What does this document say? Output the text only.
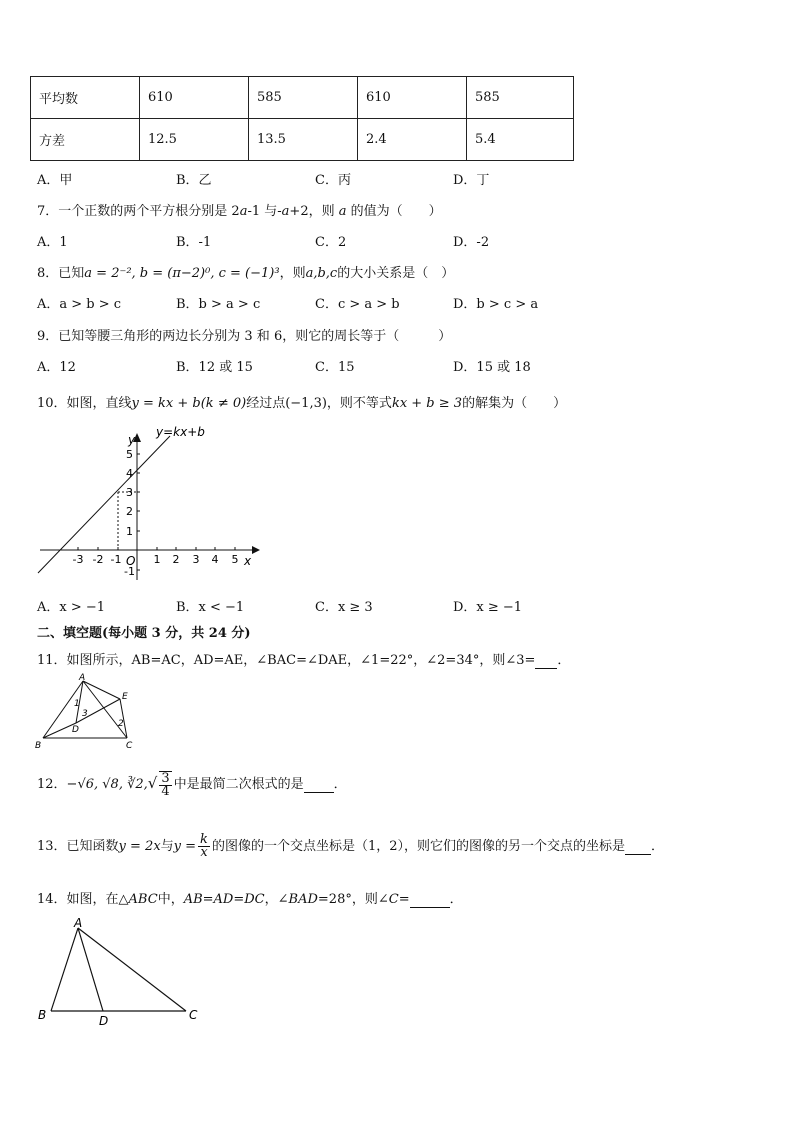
平均数	610	585	610	585
方差	12.5	13.5	2.4	5.4
A．甲	B．乙	C．丙	D．丁
7．一个正数的两个平方根分别是 2a-1 与-a+2，则 a 的值为（　　）
A．1	B．-1	C．2	D．-2
8．已知a = 2⁻², b = (π−2)⁰, c = (−1)³，则a,b,c的大小关系是（　）
A．a > b > c	B．b > a > c	C．c > a > b	D．b > c > a
9．已知等腰三角形的两边长分别为 3 和 6，则它的周长等于（　　　）
A．12	B．12 或 15	C．15	D．15 或 18
10．如图，直线y = kx + b(k ≠ 0)经过点(−1,3)，则不等式kx + b ≥ 3的解集为（　　）
y=kx+b
y
x
O
-3 -2 -1	1 2 3 4 5
5
4
3
2
1
-1
A．x > −1	B．x < −1	C．x ≥ 3	D．x ≥ −1
二、填空题(每小题 3 分，共 24 分)
11．如图所示，AB=AC，AD=AE，∠BAC=∠DAE，∠1=22°，∠2=34°，则∠3= ．
A
B	C
D
E
1
2
3
12．−√6, √8, ∛2,√ $\frac{3}{4}$ 中是最简二次根式的是 ．
13．已知函数y = 2x与$y = \frac{k}{x}$ 的图像的一个交点坐标是（1，2），则它们的图像的另一个交点的坐标是 ．
14．如图，在△ABC中，AB=AD=DC，∠BAD=28°，则∠C=	．
A
B	C
D
